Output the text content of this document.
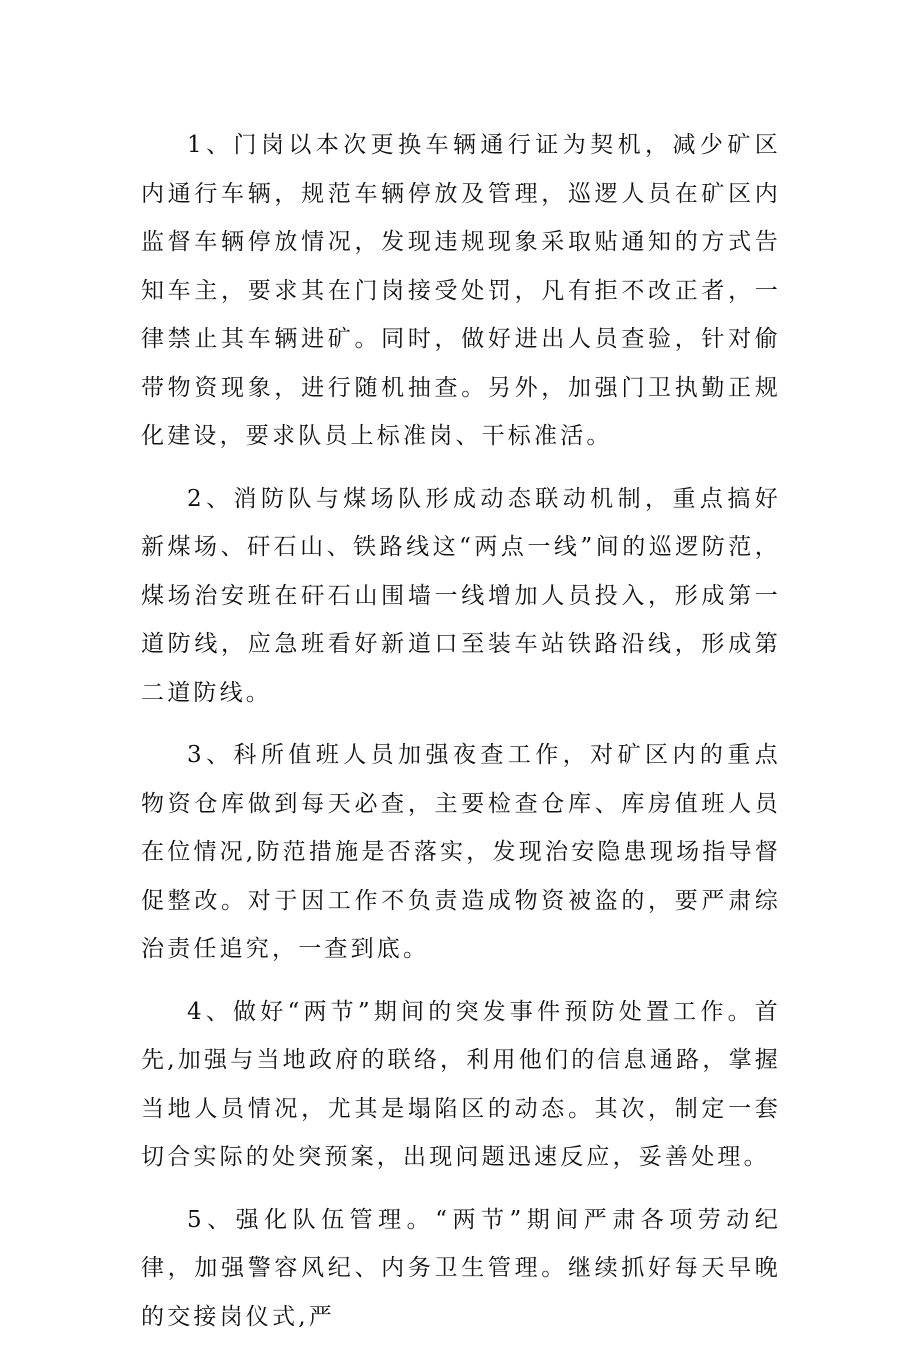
1、门岗以本次更换车辆通行证为契机，减少矿区内通行车辆，规范车辆停放及管理，巡逻人员在矿区内监督车辆停放情况，发现违规现象采取贴通知的方式告知车主，要求其在门岗接受处罚，凡有拒不改正者，一律禁止其车辆进矿。同时，做好进出人员查验，针对偷带物资现象，进行随机抽查。另外，加强门卫执勤正规化建设，要求队员上标准岗、干标准活。

2、消防队与煤场队形成动态联动机制，重点搞好新煤场、矸石山、铁路线这“两点一线”间的巡逻防范，煤场治安班在矸石山围墙一线增加人员投入，形成第一道防线，应急班看好新道口至装车站铁路沿线，形成第二道防线。

3、科所值班人员加强夜查工作，对矿区内的重点物资仓库做到每天必查，主要检查仓库、库房值班人员在位情况,防范措施是否落实，发现治安隐患现场指导督促整改。对于因工作不负责造成物资被盗的，要严肃综治责任追究，一查到底。

4、做好“两节”期间的突发事件预防处置工作。首先,加强与当地政府的联络，利用他们的信息通路，掌握当地人员情况，尤其是塌陷区的动态。其次，制定一套切合实际的处突预案，出现问题迅速反应，妥善处理。

5、强化队伍管理。“两节”期间严肃各项劳动纪律，加强警容风纪、内务卫生管理。继续抓好每天早晚的交接岗仪式,严
